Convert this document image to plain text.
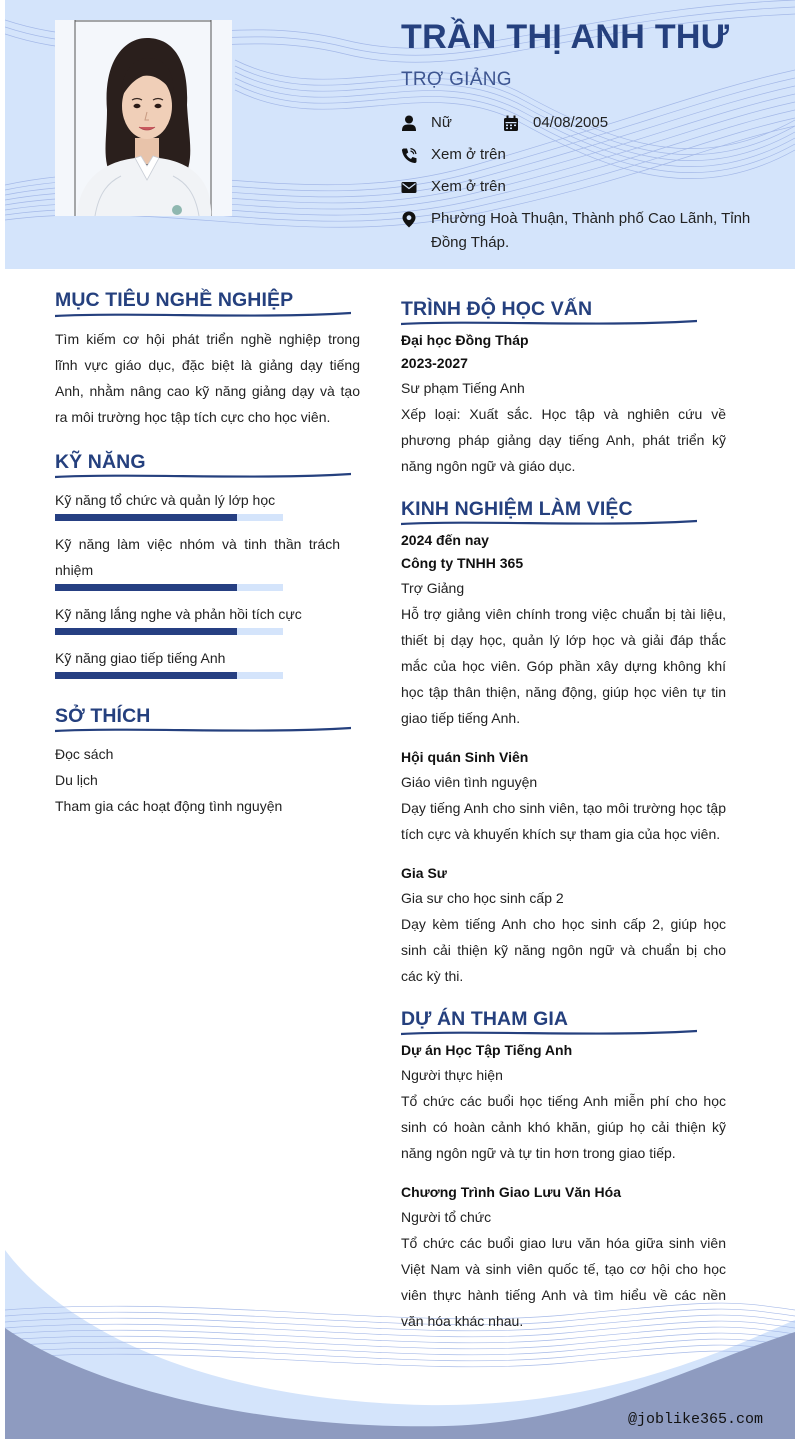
TRẦN THỊ ANH THƯ
TRỢ GIẢNG
Nữ	04/08/2005
Xem ở trên
Xem ở trên
Phường Hoà Thuận, Thành phố Cao Lãnh, Tỉnh Đồng Tháp.
MỤC TIÊU NGHỀ NGHIỆP
Tìm kiếm cơ hội phát triển nghề nghiệp trong lĩnh vực giáo dục, đặc biệt là giảng dạy tiếng Anh, nhằm nâng cao kỹ năng giảng dạy và tạo ra môi trường học tập tích cực cho học viên.
KỸ NĂNG
Kỹ năng tổ chức và quản lý lớp học
Kỹ năng làm việc nhóm và tinh thần trách nhiệm
Kỹ năng lắng nghe và phản hồi tích cực
Kỹ năng giao tiếp tiếng Anh
SỞ THÍCH
Đọc sách
Du lịch
Tham gia các hoạt động tình nguyện
TRÌNH ĐỘ HỌC VẤN
Đại học Đồng Tháp
2023-2027
Sư phạm Tiếng Anh
Xếp loại: Xuất sắc. Học tập và nghiên cứu về phương pháp giảng dạy tiếng Anh, phát triển kỹ năng ngôn ngữ và giáo dục.
KINH NGHIỆM LÀM VIỆC
2024 đến nay
Công ty TNHH 365
Trợ Giảng
Hỗ trợ giảng viên chính trong việc chuẩn bị tài liệu, thiết bị dạy học, quản lý lớp học và giải đáp thắc mắc của học viên. Góp phần xây dựng không khí học tập thân thiện, năng động, giúp học viên tự tin giao tiếp tiếng Anh.
Hội quán Sinh Viên
Giáo viên tình nguyện
Dạy tiếng Anh cho sinh viên, tạo môi trường học tập tích cực và khuyến khích sự tham gia của học viên.
Gia Sư
Gia sư cho học sinh cấp 2
Dạy kèm tiếng Anh cho học sinh cấp 2, giúp học sinh cải thiện kỹ năng ngôn ngữ và chuẩn bị cho các kỳ thi.
DỰ ÁN THAM GIA
Dự án Học Tập Tiếng Anh
Người thực hiện
Tổ chức các buổi học tiếng Anh miễn phí cho học sinh có hoàn cảnh khó khăn, giúp họ cải thiện kỹ năng ngôn ngữ và tự tin hơn trong giao tiếp.
Chương Trình Giao Lưu Văn Hóa
Người tổ chức
Tổ chức các buổi giao lưu văn hóa giữa sinh viên Việt Nam và sinh viên quốc tế, tạo cơ hội cho học viên thực hành tiếng Anh và tìm hiểu về các nền văn hóa khác nhau.
@joblike365.com
